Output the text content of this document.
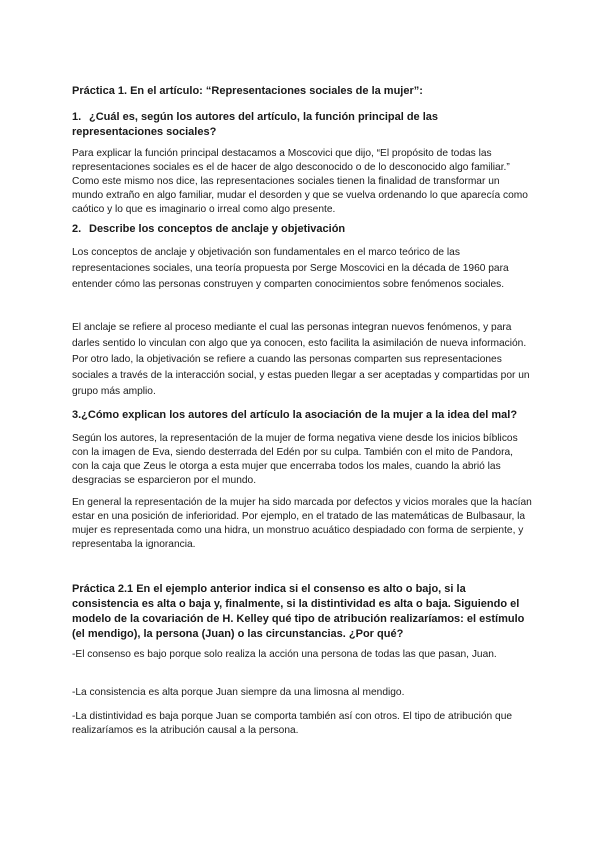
Práctica 1. En el artículo: “Representaciones sociales de la mujer”:

1. ¿Cuál es, según los autores del artículo, la función principal de las representaciones sociales?

Para explicar la función principal destacamos a Moscovici que dijo, “El propósito de todas las representaciones sociales es el de hacer de algo desconocido o de lo desconocido algo familiar.” Como este mismo nos dice, las representaciones sociales tienen la finalidad de transformar un mundo extraño en algo familiar, mudar el desorden y que se vuelva ordenando lo que aparecía como caótico y lo que es imaginario o irreal como algo presente.

2. Describe los conceptos de anclaje y objetivación

Los conceptos de anclaje y objetivación son fundamentales en el marco teórico de las representaciones sociales, una teoría propuesta por Serge Moscovici en la década de 1960 para entender cómo las personas construyen y comparten conocimientos sobre fenómenos sociales.

El anclaje se refiere al proceso mediante el cual las personas integran nuevos fenómenos, y para darles sentido lo vinculan con algo que ya conocen, esto facilita la asimilación de nueva información. Por otro lado, la objetivación se refiere a cuando las personas comparten sus representaciones sociales a través de la interacción social, y estas pueden llegar a ser aceptadas y compartidas por un grupo más amplio.

3.¿Cómo explican los autores del artículo la asociación de la mujer a la idea del mal?

Según los autores, la representación de la mujer de forma negativa viene desde los inicios bíblicos con la imagen de Eva, siendo desterrada del Edén por su culpa. También con el mito de Pandora, con la caja que Zeus le otorga a esta mujer que encerraba todos los males, cuando la abrió las desgracias se esparcieron por el mundo.

En general la representación de la mujer ha sido marcada por defectos y vicios morales que la hacían estar en una posición de inferioridad. Por ejemplo, en el tratado de las matemáticas de Bulbasaur, la mujer es representada como una hidra, un monstruo acuático despiadado con forma de serpiente, y representaba la ignorancia.

Práctica 2.1 En el ejemplo anterior indica si el consenso es alto o bajo, si la consistencia es alta o baja y, finalmente, si la distintividad es alta o baja. Siguiendo el modelo de la covariación de H. Kelley qué tipo de atribución realizaríamos: el estímulo (el mendigo), la persona (Juan) o las circunstancias. ¿Por qué?

-El consenso es bajo porque solo realiza la acción una persona de todas las que pasan, Juan.

-La consistencia es alta porque Juan siempre da una limosna al mendigo.

-La distintividad es baja porque Juan se comporta también así con otros. El tipo de atribución que realizaríamos es la atribución causal a la persona.
